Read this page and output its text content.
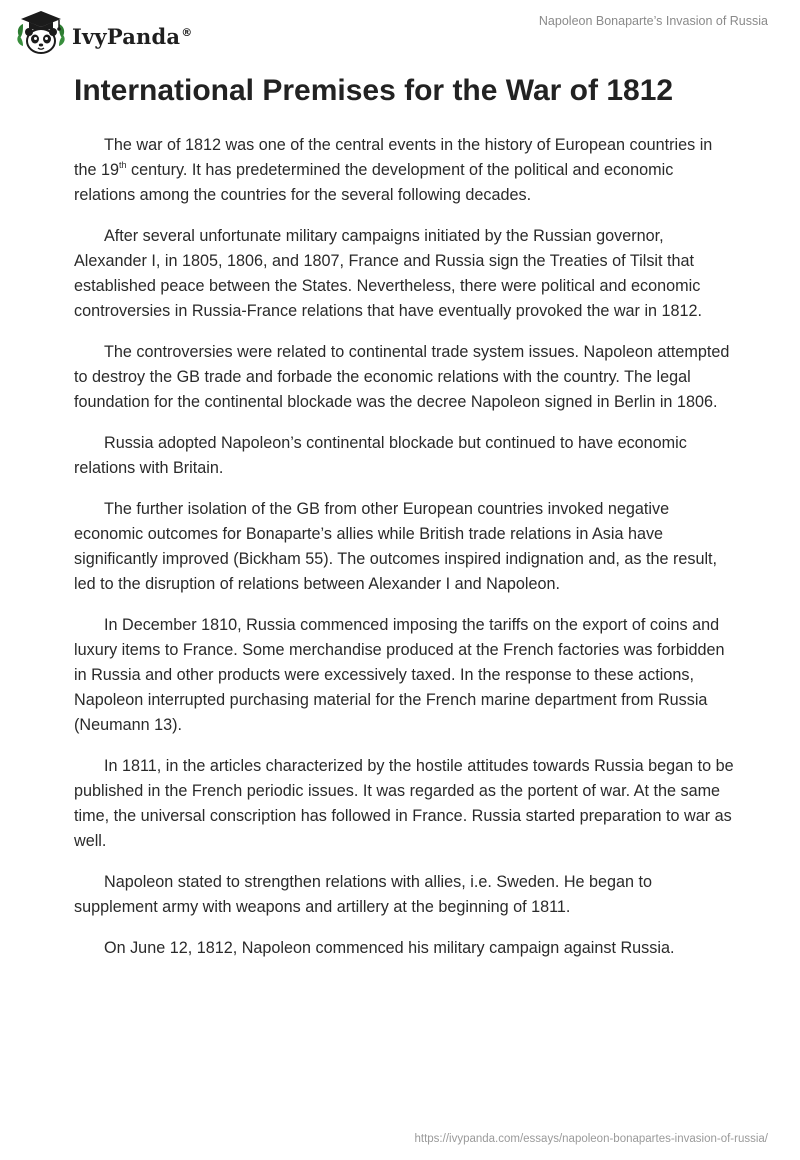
IvyPanda®
Napoleon Bonaparte’s Invasion of Russia
International Premises for the War of 1812

The war of 1812 was one of the central events in the history of European countries in the 19th century. It has predetermined the development of the political and economic relations among the countries for the several following decades.

After several unfortunate military campaigns initiated by the Russian governor, Alexander I, in 1805, 1806, and 1807, France and Russia sign the Treaties of Tilsit that established peace between the States. Nevertheless, there were political and economic controversies in Russia-France relations that have eventually provoked the war in 1812.

The controversies were related to continental trade system issues. Napoleon attempted to destroy the GB trade and forbade the economic relations with the country. The legal foundation for the continental blockade was the decree Napoleon signed in Berlin in 1806.

Russia adopted Napoleon’s continental blockade but continued to have economic relations with Britain.

The further isolation of the GB from other European countries invoked negative economic outcomes for Bonaparte’s allies while British trade relations in Asia have significantly improved (Bickham 55). The outcomes inspired indignation and, as the result, led to the disruption of relations between Alexander I and Napoleon.

In December 1810, Russia commenced imposing the tariffs on the export of coins and luxury items to France. Some merchandise produced at the French factories was forbidden in Russia and other products were excessively taxed. In the response to these actions, Napoleon interrupted purchasing material for the French marine department from Russia (Neumann 13).

In 1811, in the articles characterized by the hostile attitudes towards Russia began to be published in the French periodic issues. It was regarded as the portent of war. At the same time, the universal conscription has followed in France. Russia started preparation to war as well.

Napoleon stated to strengthen relations with allies, i.e. Sweden. He began to supplement army with weapons and artillery at the beginning of 1811.

On June 12, 1812, Napoleon commenced his military campaign against Russia.

https://ivypanda.com/essays/napoleon-bonapartes-invasion-of-russia/
